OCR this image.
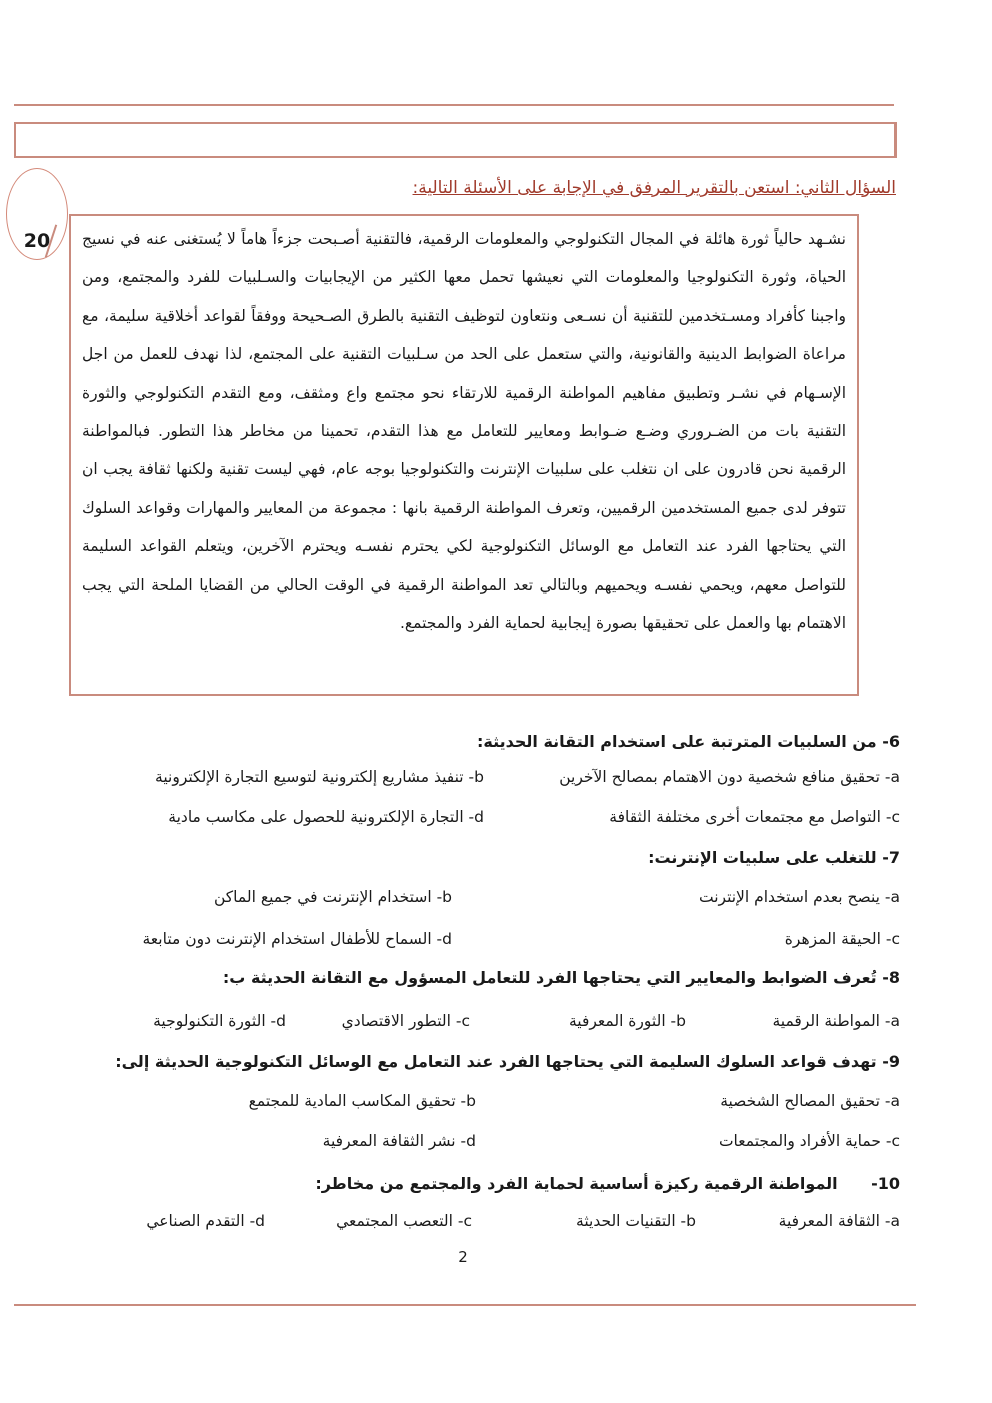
20
السؤال الثاني: استعن بالتقرير المرفق في الإجابة على الأسئلة التالية:
نشـهد حالياً ثورة هائلة في المجال التكنولوجي والمعلومات الرقمية، فالتقنية أصـبحت جزءاً هاماً لا يُستغنى عنه في نسيج الحياة، وثورة التكنولوجيا والمعلومات التي نعيشها تحمل معها الكثير من الإيجابيات والسـلبيات للفرد والمجتمع، ومن واجبنا كأفراد ومسـتخدمين للتقنية أن نسـعى ونتعاون لتوظيف التقنية بالطرق الصـحيحة ووفقاً لقواعد أخلاقية سليمة، مع مراعاة الضوابط الدينية والقانونية، والتي ستعمل على الحد من سـلبيات التقنية على المجتمع، لذا نهدف للعمل من اجل الإسـهام في نشـر وتطبيق مفاهيم المواطنة الرقمية للارتقاء نحو مجتمع واع ومثقف، ومع التقدم التكنولوجي والثورة التقنية بات من الضـروري وضـع ضـوابط ومعايير للتعامل مع هذا التقدم، تحمينا من مخاطر هذا التطور. فبالمواطنة الرقمية نحن قادرون على ان نتغلب على سلبيات الإنترنت والتكنولوجيا بوجه عام، فهي ليست تقنية ولكنها ثقافة يجب ان تتوفر لدى جميع المستخدمين الرقميين، وتعرف المواطنة الرقمية بانها : مجموعة من المعايير والمهارات وقواعد السلوك التي يحتاجها الفرد عند التعامل مع الوسائل التكنولوجية لكي يحترم نفسـه ويحترم الآخرين، ويتعلم القواعد السليمة للتواصل معهم، ويحمي نفسـه ويحميهم وبالتالي تعد المواطنة الرقمية في الوقت الحالي من القضايا الملحة التي يجب الاهتمام بها والعمل على تحقيقها بصورة إيجابية لحماية الفرد والمجتمع.
6- من السلبيات المترتبة على استخدام التقانة الحديثة:
a- تحقيق منافع شخصية دون الاهتمام بمصالح الآخرين
b- تنفيذ مشاريع إلكترونية لتوسيع التجارة الإلكترونية
c- التواصل مع مجتمعات أخرى مختلفة الثقافة
d- التجارة الإلكترونية للحصول على مكاسب مادية
7- للتغلب على سلبيات الإنترنت:
a- ينصح بعدم استخدام الإنترنت
b- استخدام الإنترنت في جميع الماكن
c- الحيقة المزهرة
d- السماح للأطفال استخدام الإنترنت دون متابعة
8- تُعرف الضوابط والمعايير التي يحتاجها الفرد للتعامل المسؤول مع التقانة الحديثة ب:
a- المواطنة الرقمية
b- الثورة المعرفية
c- التطور الاقتصادي
d- الثورة التكنولوجية
9- تهدف قواعد السلوك السليمة التي يحتاجها الفرد عند التعامل مع الوسائل التكنولوجية الحديثة إلى:
a- تحقيق المصالح الشخصية
b- تحقيق المكاسب المادية للمجتمع
c- حماية الأفراد والمجتمعات
d- نشر الثقافة المعرفية
10-      المواطنة الرقمية ركيزة أساسية لحماية الفرد والمجتمع من مخاطر:
a- الثقافة المعرفية
b- التقنيات الحديثة
c- التعصب المجتمعي
d- التقدم الصناعي
2
